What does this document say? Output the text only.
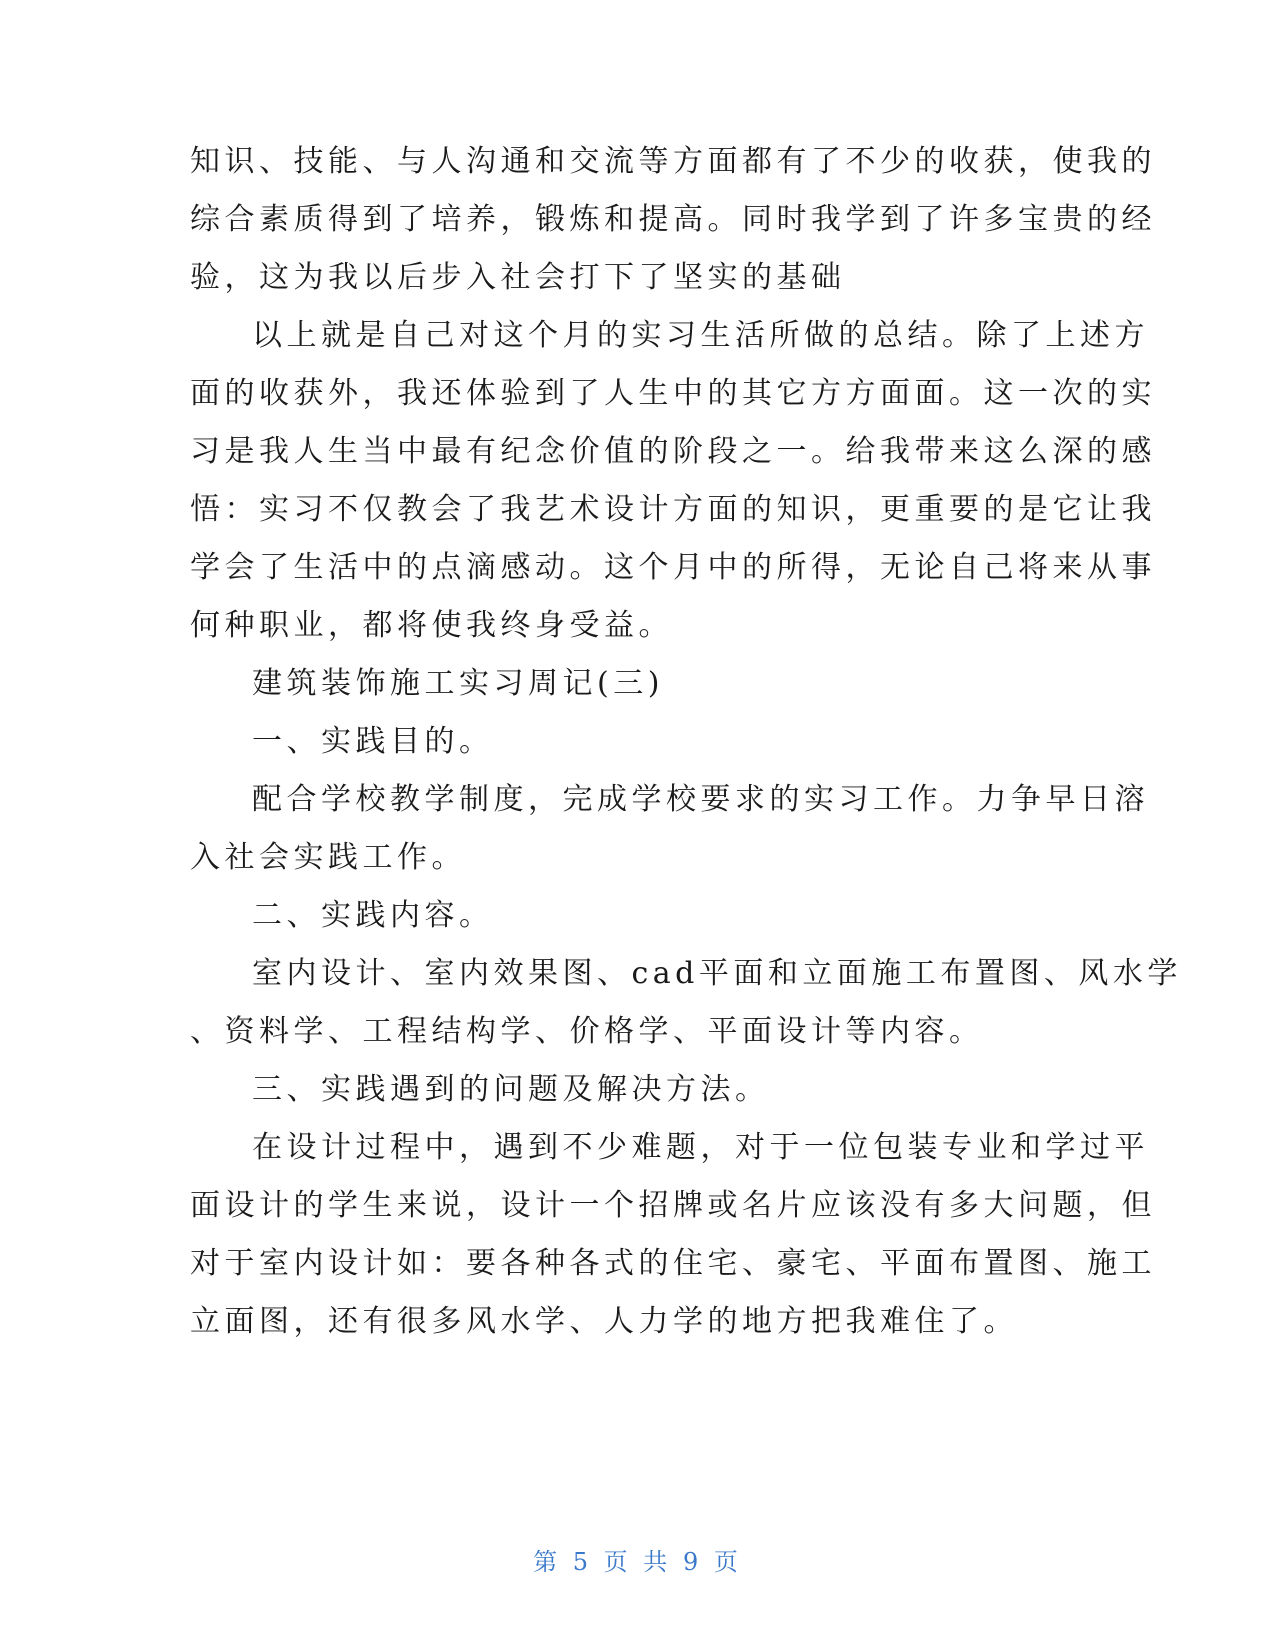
知识、技能、与人沟通和交流等方面都有了不少的收获，使我的
综合素质得到了培养，锻炼和提高。同时我学到了许多宝贵的经
验，这为我以后步入社会打下了坚实的基础
以上就是自己对这个月的实习生活所做的总结。除了上述方
面的收获外，我还体验到了人生中的其它方方面面。这一次的实
习是我人生当中最有纪念价值的阶段之一。给我带来这么深的感
悟：实习不仅教会了我艺术设计方面的知识，更重要的是它让我
学会了生活中的点滴感动。这个月中的所得，无论自己将来从事
何种职业，都将使我终身受益。
建筑装饰施工实习周记(三)
一、实践目的。
配合学校教学制度，完成学校要求的实习工作。力争早日溶
入社会实践工作。
二、实践内容。
室内设计、室内效果图、cad平面和立面施工布置图、风水学
、资料学、工程结构学、价格学、平面设计等内容。
三、实践遇到的问题及解决方法。
在设计过程中，遇到不少难题，对于一位包装专业和学过平
面设计的学生来说，设计一个招牌或名片应该没有多大问题，但
对于室内设计如：要各种各式的住宅、豪宅、平面布置图、施工
立面图，还有很多风水学、人力学的地方把我难住了。
第 5 页 共 9 页
